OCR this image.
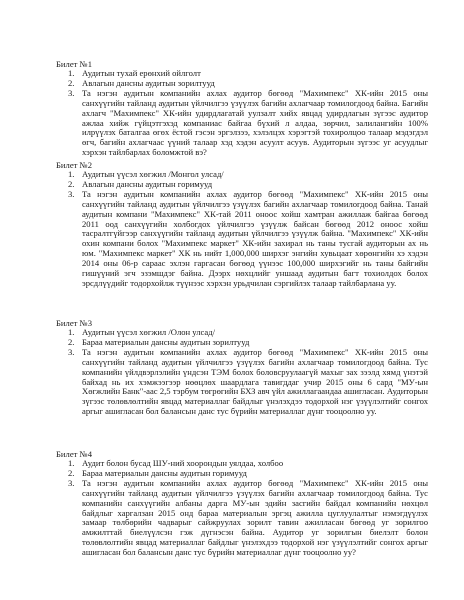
Билет №1

1. Аудитын тухай ерөнхий ойлголт
2. Авлагын дансны аудитын зорилтууд
3. Та нэгэн аудитын компанийн ахлах аудитор бөгөөд "Махимпекс" ХК-ийн 2015 оны санхүүгийн тайланд аудитын үйлчилгээ үзүүлэх багийн ахлагчаар томилогдоод байна. Багийн ахлагч "Махимпекс" ХК-ийн удирдлагатай уулзалт хийх явцад удирдлагын зүгээс аудитор ажлаа хийж гүйцэтгэхэд компаниас байгаа бүхий л алдаа, зөрчил, залилангийн 100% илрүүлэх баталгаа өгөх ёстой гэсэн эргэлзээ, хэлэлцэх хэрэгтэй тохиролцоо талаар мэдэгдэл өгч, багийн ахлагчаас үүний талаар хэд хэдэн асуулт асуув. Аудиторын зүгээс уг асуудлыг хэрхэн тайлбарлах боломжтой вэ?

Билет №2

1. Аудитын үүсэл хөгжил /Монгол улсад/
2. Авлагын дансны аудитын горимууд
3. Та нэгэн аудитын компанийн ахлах аудитор бөгөөд "Махимпекс" ХК-ийн 2015 оны санхүүгийн тайланд аудитын үйлчилгээ үзүүлэх багийн ахлагчаар томилогдоод байна. Танай аудитын компани "Махимпекс" ХК-тай 2011 оноос хойш хамтран ажиллаж байгаа бөгөөд 2011 оод санхүүгийн холбогдох үйлчилгээ үзүүлж байсан бөгөөд 2012 оноос хойш тасралтгүйгээр санхүүгийн тайланд аудитын үйлчилгээ үзүүлж байна. "Махимпекс" ХК-ийн охин компани болох "Махимпекс маркет" ХК-ийн захирал нь таны тусгай аудиторын ах нь юм. "Махимпекс маркет" ХК нь нийт 1,000,000 ширхэг энгийн хувьцаат хөрөнгийн хэ хэдэн 2014 оны 06-р сараас эхлэн гаргасан бөгөөд үүнээс 100,000 ширхэгийг нь таны байгийн гишүүний эгч эзэмшдэг байна. Дээрх нөхцлийг уншаад аудитын багт тохиолдох болох эрсдлүүдийг тодорхойлж түүнээс хэрхэн урьдчилан сэргийлэх талаар тайлбарлана уу.

Билет №3

1. Аудитын үүсэл хөгжил /Олон улсад/
2. Бараа материалын дансны аудитын зорилтууд
3. Та нэгэн аудитын компанийн ахлах аудитор бөгөөд "Махимпекс" ХК-ийн 2015 оны санхүүгийн тайланд аудитын үйлчилгээ үзүүлэх багийн ахлагчаар томилогдоод байна. Тус компанийн үйлдвэрлэлийн үндсэн ТЭМ болох боловсруулаагүй махыг зах зээлд хямд үнэтэй байхад нь их хэмжээгээр нөөцлөх шаардлага тавигддаг учир 2015 оны 6 сард "МУ-ын Хөгжлийн Банк"-аас 2,5 тэрбум төгрөгийн БХЗ авч үйл ажиллагаандаа ашигласан. Аудиторын зүгээс төлөвлөлтийн явцад материаллаг байдлыг үнэлэхдээ тодорхой нэг үзүүлэлтийг сонгох аргыг ашигласан бол балансын данс тус бүрийн материаллаг дүнг тооцоолно уу.

Билет №4

1. Аудит болон бусад ШУ-ний хоорондын уялдаа, холбоо
2. Бараа материалын дансны аудитын горимууд
3. Та нэгэн аудитын компанийн ахлах аудитор бөгөөд "Махимпекс" ХК-ийн 2015 оны санхүүгийн тайланд аудитын үйлчилгээ үзүүлэх багийн ахлагчаар томилогдоод байна. Тус компанийн санхүүгийн албаны дарга МУ-ын эдийн засгийн байдал компанийн нөхцөл байдлыг харгалзан 2015 онд бараа материалын эргэц ажилла цуглуулалтыг нэмэгдүүлэх замаар төлбөрийн чадварыг сайжруулах зорилт тавин ажилласан бөгөөд уг зорилгоо амжилттай биелүүлсэн гэж дүгнэсэн байна. Аудитор уг зорилгын биелэлт болон төлөвлөлтийн явцад материаллаг байдлыг үнэлэхдээ тодорхой нэг үзүүлэлтийг сонгох аргыг ашигласан бол балансын данс тус бүрийн материаллаг дүнг тооцоолно уу?
